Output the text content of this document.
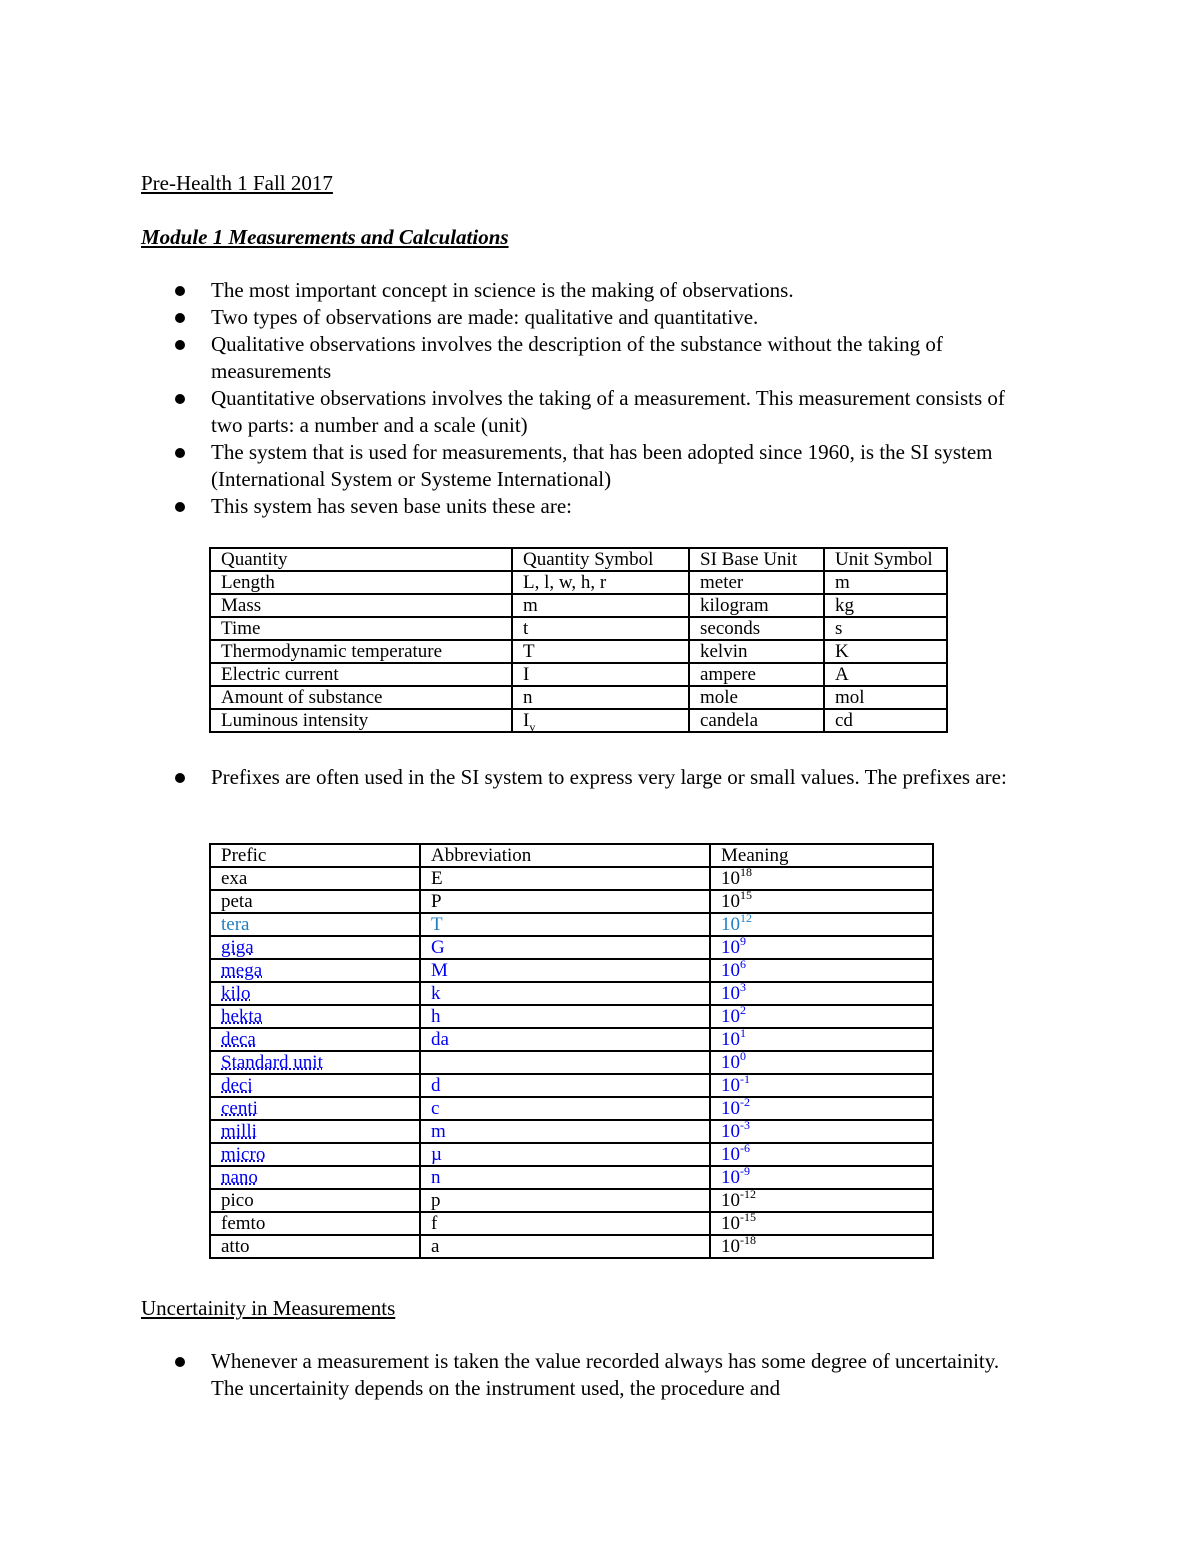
Pre-Health 1 Fall 2017
Module 1 Measurements and Calculations
The most important concept in science is the making of observations.
Two types of observations are made: qualitative and quantitative.
Qualitative observations involves the description of the substance without the taking of measurements
Quantitative observations involves the taking of a measurement. This measurement consists of two parts: a number and a scale (unit)
The system that is used for measurements, that has been adopted since 1960, is the SI system (International System or Systeme International)
This system has seven base units these are:
Quantity	Quantity Symbol	SI Base Unit	Unit Symbol
Length	L, l, w, h, r	meter	m
Mass	m	kilogram	kg
Time	t	seconds	s
Thermodynamic temperature	T	kelvin	K
Electric current	I	ampere	A
Amount of substance	n	mole	mol
Luminous intensity	$I_v$	candela	cd
Prefixes are often used in the SI system to express very large or small values. The prefixes are:
Prefic	Abbreviation	Meaning
exa	E	$10^{18}$
peta	P	$10^{15}$
tera	T	$10^{12}$
giga	G	$10^9$
mega	M	$10^6$
kilo	k	$10^3$
hekta	h	$10^2$
deca	da	$10^1$
Standard unit		$10^0$
deci	d	$10^{-1}$
centi	c	$10^{-2}$
milli	m	$10^{-3}$
micro	µ	$10^{-6}$
nano	n	$10^{-9}$
pico	p	$10^{-12}$
femto	f	$10^{-15}$
atto	a	$10^{-18}$
Uncertainity in Measurements
Whenever a measurement is taken the value recorded always has some degree of uncertainity. The uncertainity depends on the instrument used, the procedure and
